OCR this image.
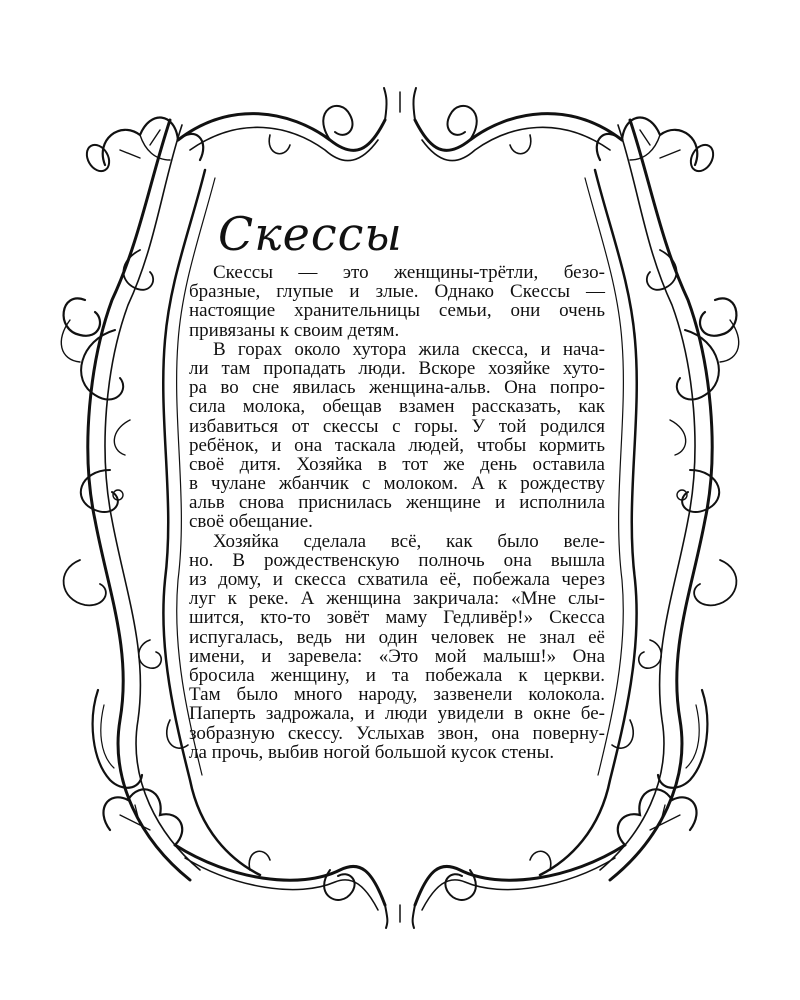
Скессы
Скессы — это женщины-трётли, безо-
бразные, глупые и злые. Однако Скессы —
настоящие хранительницы семьи, они очень
привязаны к своим детям.
В горах около хутора жила скесса, и нача-
ли там пропадать люди. Вскоре хозяйке хуто-
ра во сне явилась женщина-альв. Она попро-
сила молока, обещав взамен рассказать, как
избавиться от скессы с горы. У той родился
ребёнок, и она таскала людей, чтобы кормить
своё дитя. Хозяйка в тот же день оставила
в чулане жбанчик с молоком. А к рождеству
альв снова приснилась женщине и исполнила
своё обещание.
Хозяйка сделала всё, как было веле-
но. В рождественскую полночь она вышла
из дому, и скесса схватила её, побежала через
луг к реке. А женщина закричала: «Мне слы-
шится, кто-то зовёт маму Гедливёр!» Скесса
испугалась, ведь ни один человек не знал её
имени, и заревела: «Это мой малыш!» Она
бросила женщину, и та побежала к церкви.
Там было много народу, зазвенели колокола.
Паперть задрожала, и люди увидели в окне бе-
зобразную скессу. Услыхав звон, она поверну-
ла прочь, выбив ногой большой кусок стены.
